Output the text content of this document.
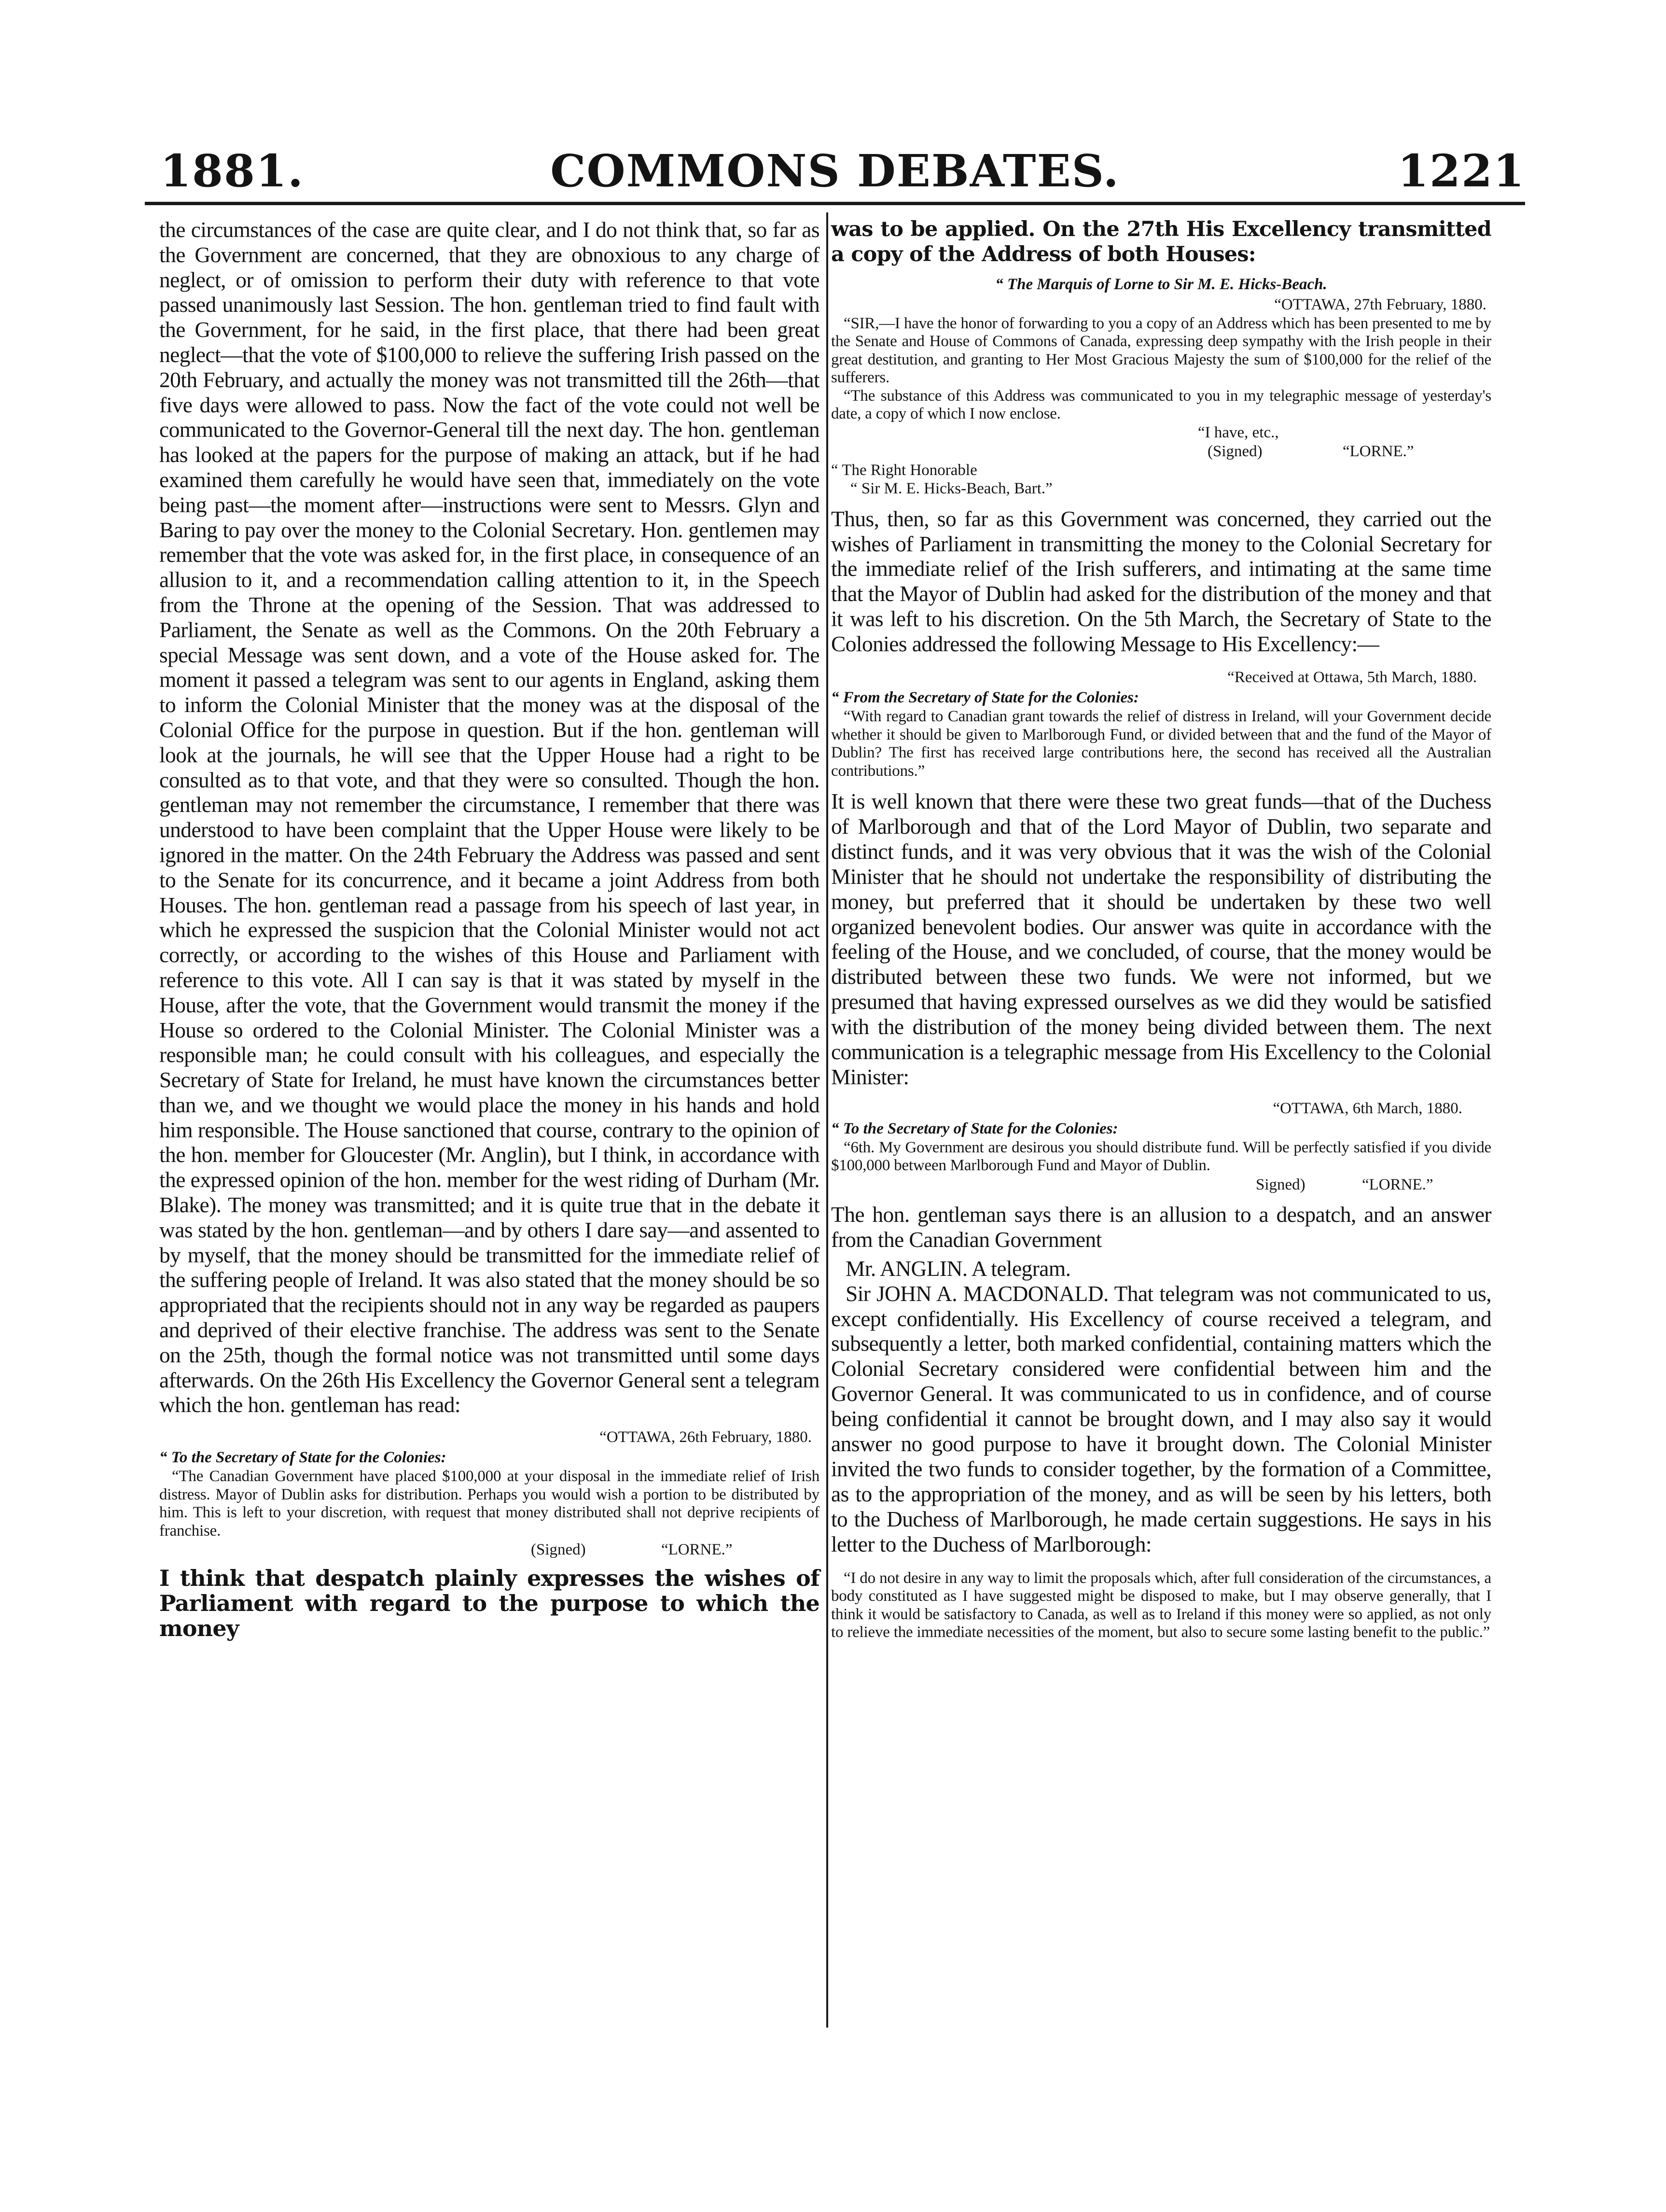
1881.	COMMONS DEBATES.	1221

the circumstances of the case are quite clear, and I do not think that, so far as the Government are concerned, that they are obnoxious to any charge of neglect, or of omission to perform their duty with reference to that vote passed unanimously last Session. The hon. gentleman tried to find fault with the Government, for he said, in the first place, that there had been great neglect—that the vote of $100,000 to relieve the suffering Irish passed on the 20th February, and actually the money was not transmitted till the 26th—that five days were allowed to pass. Now the fact of the vote could not well be communicated to the Governor-General till the next day. The hon. gentleman has looked at the papers for the purpose of making an attack, but if he had examined them carefully he would have seen that, immediately on the vote being past—the moment after—instructions were sent to Messrs. Glyn and Baring to pay over the money to the Colonial Secretary. Hon. gentlemen may remember that the vote was asked for, in the first place, in consequence of an allusion to it, and a recommendation calling attention to it, in the Speech from the Throne at the opening of the Session. That was addressed to Parliament, the Senate as well as the Commons. On the 20th February a special Message was sent down, and a vote of the House asked for. The moment it passed a telegram was sent to our agents in England, asking them to inform the Colonial Minister that the money was at the disposal of the Colonial Office for the purpose in question. But if the hon. gentleman will look at the journals, he will see that the Upper House had a right to be consulted as to that vote, and that they were so consulted. Though the hon. gentleman may not remember the circumstance, I remember that there was understood to have been complaint that the Upper House were likely to be ignored in the matter. On the 24th February the Address was passed and sent to the Senate for its concurrence, and it became a joint Address from both Houses. The hon. gentleman read a passage from his speech of last year, in which he expressed the suspicion that the Colonial Minister would not act correctly, or according to the wishes of this House and Parliament with reference to this vote. All I can say is that it was stated by myself in the House, after the vote, that the Government would transmit the money if the House so ordered to the Colonial Minister. The Colonial Minister was a responsible man; he could consult with his colleagues, and especially the Secretary of State for Ireland, he must have known the circumstances better than we, and we thought we would place the money in his hands and hold him responsible. The House sanctioned that course, contrary to the opinion of the hon. member for Gloucester (Mr. Anglin), but I think, in accordance with the expressed opinion of the hon. member for the west riding of Durham (Mr. Blake). The money was transmitted; and it is quite true that in the debate it was stated by the hon. gentleman—and by others I dare say—and assented to by myself, that the money should be transmitted for the immediate relief of the suffering people of Ireland. It was also stated that the money should be so appropriated that the recipients should not in any way be regarded as paupers and deprived of their elective franchise. The address was sent to the Senate on the 25th, though the formal notice was not transmitted until some days afterwards. On the 26th His Excellency the Governor General sent a telegram which the hon. gentleman has read:

“OTTAWA, 26th February, 1880.

“ To the Secretary of State for the Colonies:

“The Canadian Government have placed $100,000 at your disposal in the immediate relief of Irish distress. Mayor of Dublin asks for distribution. Perhaps you would wish a portion to be distributed by him. This is left to your discretion, with request that money distributed shall not deprive recipients of franchise.

(Signed)	“LORNE.”

I think that despatch plainly expresses the wishes of Parliament with regard to the purpose to which the money

was to be applied. On the 27th His Excellency transmitted a copy of the Address of both Houses:

“ The Marquis of Lorne to Sir M. E. Hicks-Beach.

“OTTAWA, 27th February, 1880.

“SIR,—I have the honor of forwarding to you a copy of an Address which has been presented to me by the Senate and House of Commons of Canada, expressing deep sympathy with the Irish people in their great destitution, and granting to Her Most Gracious Majesty the sum of $100,000 for the relief of the sufferers.

“The substance of this Address was communicated to you in my telegraphic message of yesterday's date, a copy of which I now enclose.

“I have, etc.,

(Signed)	“LORNE.”

“ The Right Honorable

“ Sir M. E. Hicks-Beach, Bart.”

Thus, then, so far as this Government was concerned, they carried out the wishes of Parliament in transmitting the money to the Colonial Secretary for the immediate relief of the Irish sufferers, and intimating at the same time that the Mayor of Dublin had asked for the distribution of the money and that it was left to his discretion. On the 5th March, the Secretary of State to the Colonies addressed the following Message to His Excellency:—

“Received at Ottawa, 5th March, 1880.

“ From the Secretary of State for the Colonies:

“With regard to Canadian grant towards the relief of distress in Ireland, will your Government decide whether it should be given to Marlborough Fund, or divided between that and the fund of the Mayor of Dublin? The first has received large contributions here, the second has received all the Australian contributions.”

It is well known that there were these two great funds—that of the Duchess of Marlborough and that of the Lord Mayor of Dublin, two separate and distinct funds, and it was very obvious that it was the wish of the Colonial Minister that he should not undertake the responsibility of distributing the money, but preferred that it should be undertaken by these two well organized benevolent bodies. Our answer was quite in accordance with the feeling of the House, and we concluded, of course, that the money would be distributed between these two funds. We were not informed, but we presumed that having expressed ourselves as we did they would be satisfied with the distribution of the money being divided between them. The next communication is a telegraphic message from His Excellency to the Colonial Minister:

“OTTAWA, 6th March, 1880.

“ To the Secretary of State for the Colonies:

“6th. My Government are desirous you should distribute fund. Will be perfectly satisfied if you divide $100,000 between Marlborough Fund and Mayor of Dublin.

Signed)	“LORNE.”

The hon. gentleman says there is an allusion to a despatch, and an answer from the Canadian Government

Mr. ANGLIN. A telegram.

Sir JOHN A. MACDONALD. That telegram was not communicated to us, except confidentially. His Excellency of course received a telegram, and subsequently a letter, both marked confidential, containing matters which the Colonial Secretary considered were confidential between him and the Governor General. It was communicated to us in confidence, and of course being confidential it cannot be brought down, and I may also say it would answer no good purpose to have it brought down. The Colonial Minister invited the two funds to consider together, by the formation of a Committee, as to the appropriation of the money, and as will be seen by his letters, both to the Duchess of Marlborough, he made certain suggestions. He says in his letter to the Duchess of Marlborough:

“I do not desire in any way to limit the proposals which, after full consideration of the circumstances, a body constituted as I have suggested might be disposed to make, but I may observe generally, that I think it would be satisfactory to Canada, as well as to Ireland if this money were so applied, as not only to relieve the immediate necessities of the moment, but also to secure some lasting benefit to the public.”
